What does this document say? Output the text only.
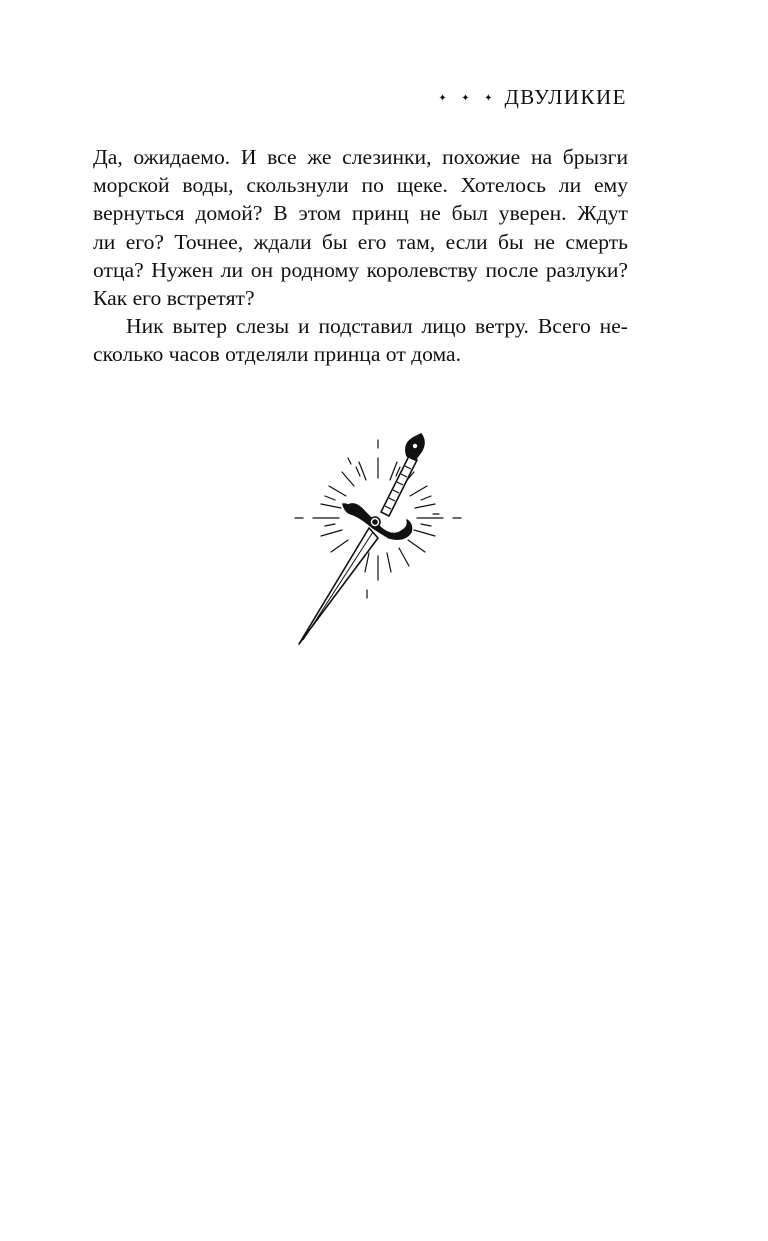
✦ ✦ ✦ ДВУЛИКИЕ
Да, ожидаемо. И все же слезинки, похожие на брызги
морской воды, скользнули по щеке. Хотелось ли ему
вернуться домой? В этом принц не был уверен. Ждут
ли его? Точнее, ждали бы его там, если бы не смерть
отца? Нужен ли он родному королевству после разлуки?
Как его встретят?
Ник вытер слезы и подставил лицо ветру. Всего не-
сколько часов отделяли принца от дома.
